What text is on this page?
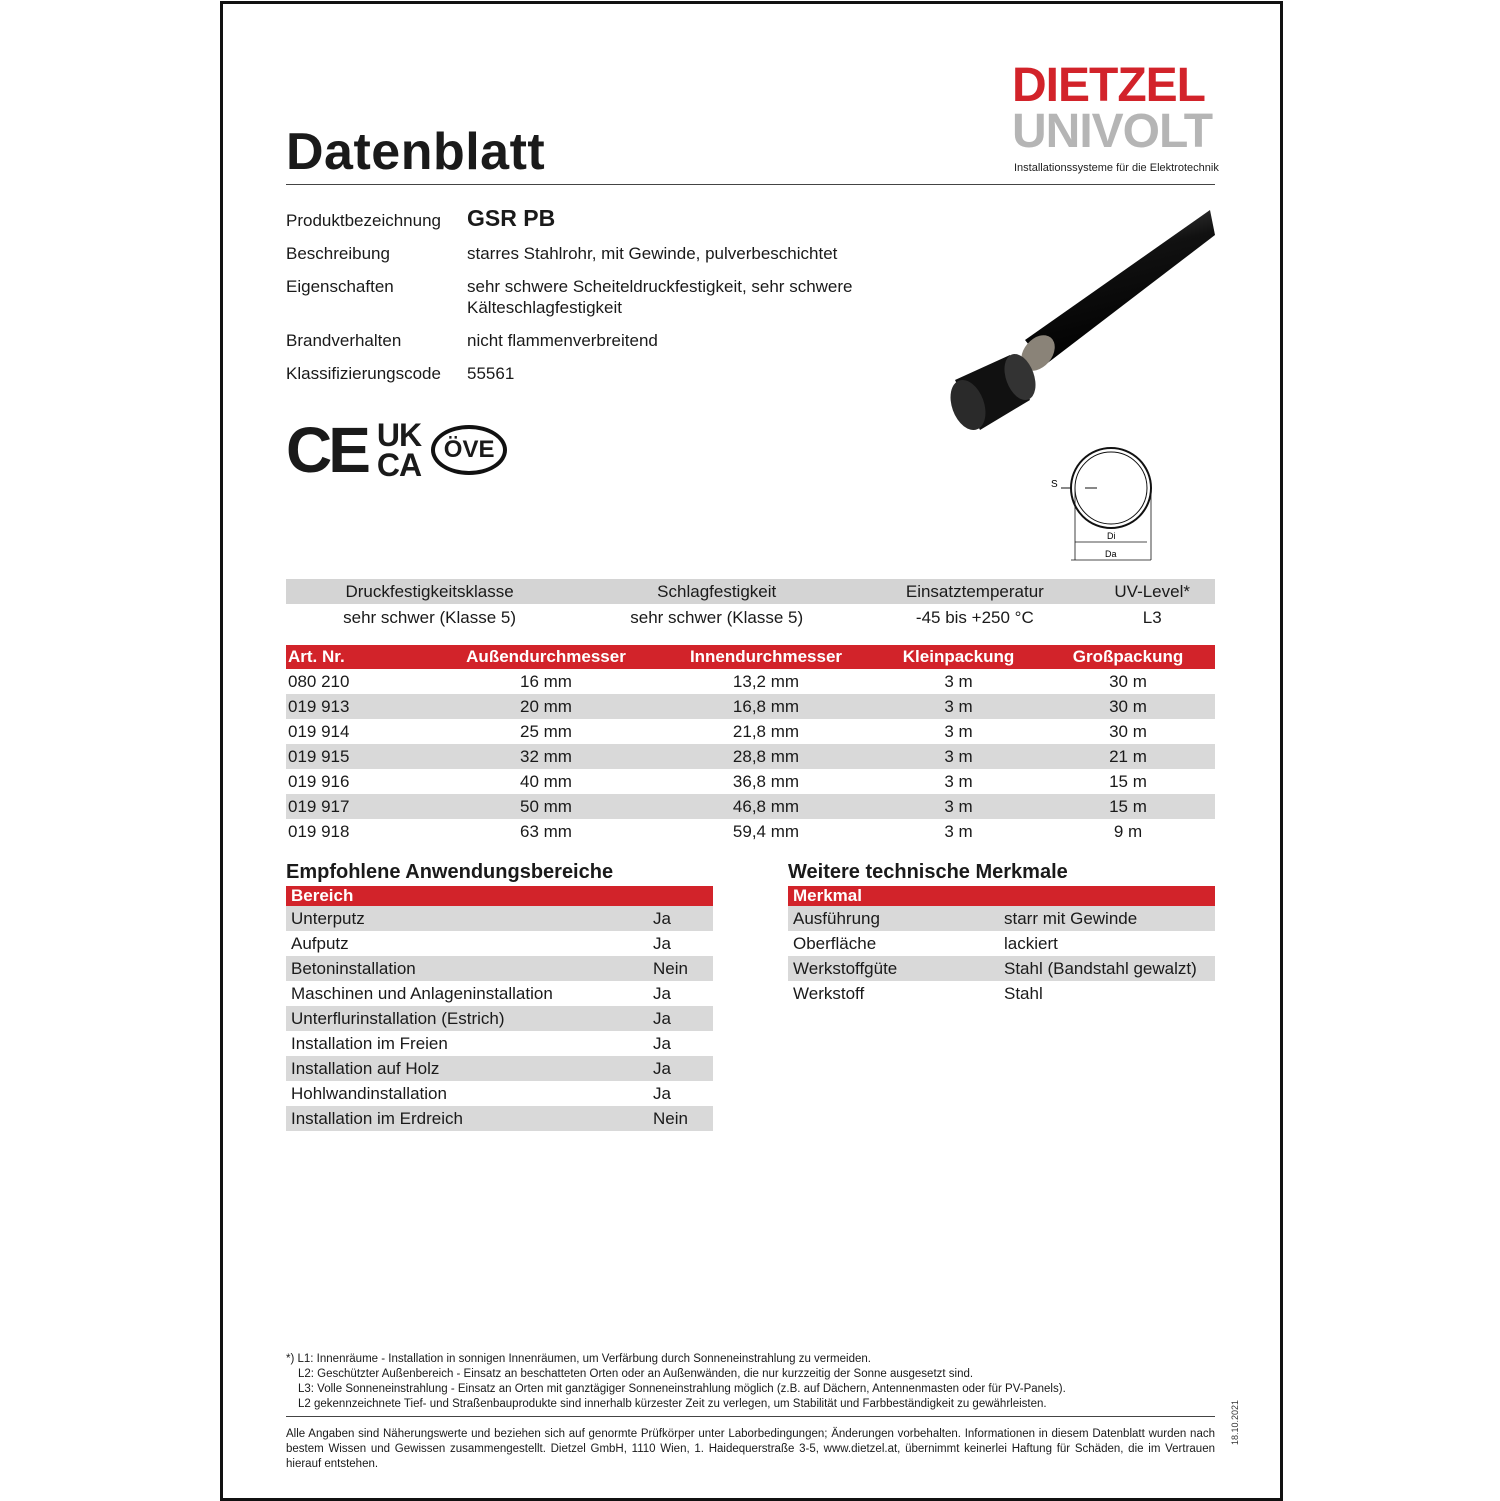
Datenblatt
DIETZEL
UNIVOLT
Installationssysteme für die Elektrotechnik
Produktbezeichnung	GSR PB
Beschreibung	starres Stahlrohr, mit Gewinde, pulverbeschichtet
Eigenschaften	sehr schwere Scheiteldruckfestigkeit, sehr schwere Kälteschlagfestigkeit
Brandverhalten	nicht flammenverbreitend
Klassifizierungscode	55561
CE UK
CA ÖVE
S
Di
Da
Druckfestigkeitsklasse	Schlagfestigkeit	Einsatztemperatur	UV-Level*
sehr schwer (Klasse 5)	sehr schwer (Klasse 5)	-45 bis +250 °C	L3
Art. Nr.	Außendurchmesser	Innendurchmesser	Kleinpackung	Großpackung
080 210	16 mm	13,2 mm	3 m	30 m
019 913	20 mm	16,8 mm	3 m	30 m
019 914	25 mm	21,8 mm	3 m	30 m
019 915	32 mm	28,8 mm	3 m	21 m
019 916	40 mm	36,8 mm	3 m	15 m
019 917	50 mm	46,8 mm	3 m	15 m
019 918	63 mm	59,4 mm	3 m	9 m
Empfohlene Anwendungsbereiche
Bereich	
Unterputz	Ja
Aufputz	Ja
Betoninstallation	Nein
Maschinen und Anlageninstallation	Ja
Unterflurinstallation (Estrich)	Ja
Installation im Freien	Ja
Installation auf Holz	Ja
Hohlwandinstallation	Ja
Installation im Erdreich	Nein
Weitere technische Merkmale
Merkmal	
Ausführung	starr mit Gewinde
Oberfläche	lackiert
Werkstoffgüte	Stahl (Bandstahl gewalzt)
Werkstoff	Stahl
*) L1: Innenräume - Installation in sonnigen Innenräumen, um Verfärbung durch Sonneneinstrahlung zu vermeiden.
L2: Geschützter Außenbereich - Einsatz an beschatteten Orten oder an Außenwänden, die nur kurzzeitig der Sonne ausgesetzt sind.
L3: Volle Sonneneinstrahlung - Einsatz an Orten mit ganztägiger Sonneneinstrahlung möglich (z.B. auf Dächern, Antennenmasten oder für PV-Panels).
L2 gekennzeichnete Tief- und Straßenbauprodukte sind innerhalb kürzester Zeit zu verlegen, um Stabilität und Farbbeständigkeit zu gewährleisten.
Alle Angaben sind Näherungswerte und beziehen sich auf genormte Prüfkörper unter Laborbedingungen; Änderungen vorbehalten. Informationen in diesem Datenblatt wurden nach bestem Wissen und Gewissen zusammengestellt. Dietzel GmbH, 1110 Wien, 1. Haidequerstraße 3-5, www.dietzel.at, übernimmt keinerlei Haftung für Schäden, die im Vertrauen hierauf entstehen.
18.10.2021
